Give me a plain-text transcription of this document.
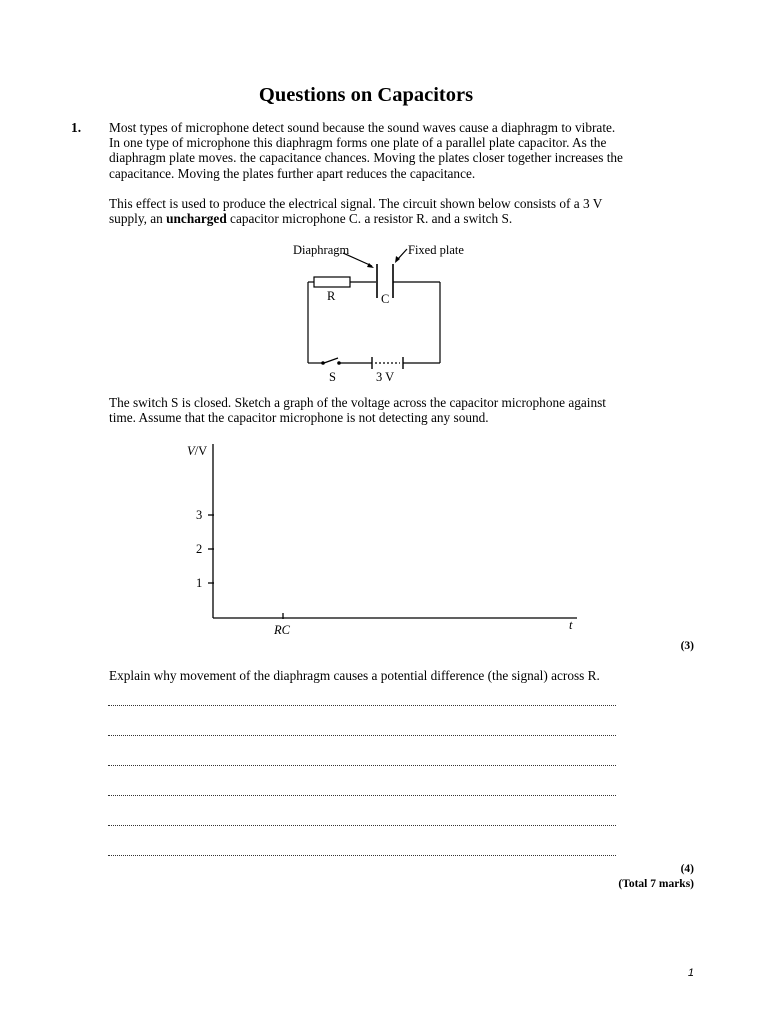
Questions on Capacitors
1. Most types of microphone detect sound because the sound waves cause a diaphragm to vibrate.
In one type of microphone this diaphragm forms one plate of a parallel plate capacitor. As the
diaphragm plate moves. the capacitance chances. Moving the plates closer together increases the
capacitance. Moving the plates further apart reduces the capacitance.
This effect is used to produce the electrical signal. The circuit shown below consists of a 3 V
supply, an uncharged capacitor microphone C. a resistor R. and a switch S.
Diaphragm	Fixed plate
R	C
S	3 V
The switch S is closed. Sketch a graph of the voltage across the capacitor microphone against
time. Assume that the capacitor microphone is not detecting any sound.
V/V
1
2
3
RC	t
(3)
Explain why movement of the diaphragm causes a potential difference (the signal) across R.
(4)
(Total 7 marks)
1
